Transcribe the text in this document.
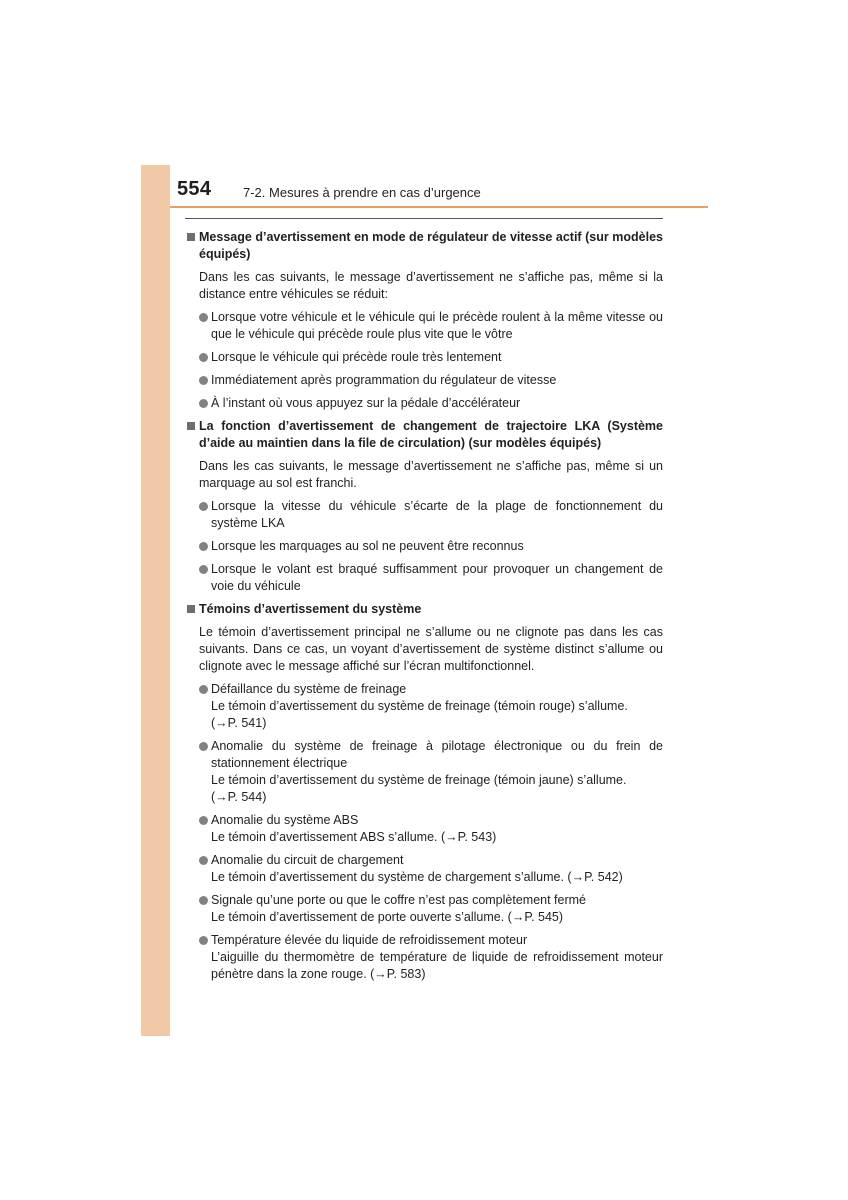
554 7-2. Mesures à prendre en cas d’urgence
Message d’avertissement en mode de régulateur de vitesse actif (sur modèles équipés)
Dans les cas suivants, le message d’avertissement ne s’affiche pas, même si la distance entre véhicules se réduit:
Lorsque votre véhicule et le véhicule qui le précède roulent à la même vitesse ou que le véhicule qui précède roule plus vite que le vôtre
Lorsque le véhicule qui précède roule très lentement
Immédiatement après programmation du régulateur de vitesse
À l’instant où vous appuyez sur la pédale d’accélérateur
La fonction d’avertissement de changement de trajectoire LKA (Système d’aide au maintien dans la file de circulation) (sur modèles équipés)
Dans les cas suivants, le message d’avertissement ne s’affiche pas, même si un marquage au sol est franchi.
Lorsque la vitesse du véhicule s’écarte de la plage de fonctionnement du système LKA
Lorsque les marquages au sol ne peuvent être reconnus
Lorsque le volant est braqué suffisamment pour provoquer un changement de voie du véhicule
Témoins d’avertissement du système
Le témoin d’avertissement principal ne s’allume ou ne clignote pas dans les cas suivants. Dans ce cas, un voyant d’avertissement de système distinct s’allume ou clignote avec le message affiché sur l’écran multifonctionnel.
Défaillance du système de freinage
Le témoin d’avertissement du système de freinage (témoin rouge) s’allume.
(→P. 541)
Anomalie du système de freinage à pilotage électronique ou du frein de stationnement électrique
Le témoin d’avertissement du système de freinage (témoin jaune) s’allume.
(→P. 544)
Anomalie du système ABS
Le témoin d’avertissement ABS s’allume. (→P. 543)
Anomalie du circuit de chargement
Le témoin d’avertissement du système de chargement s’allume. (→P. 542)
Signale qu’une porte ou que le coffre n’est pas complètement fermé
Le témoin d’avertissement de porte ouverte s’allume. (→P. 545)
Température élevée du liquide de refroidissement moteur
L’aiguille du thermomètre de température de liquide de refroidissement moteur pénètre dans la zone rouge. (→P. 583)
